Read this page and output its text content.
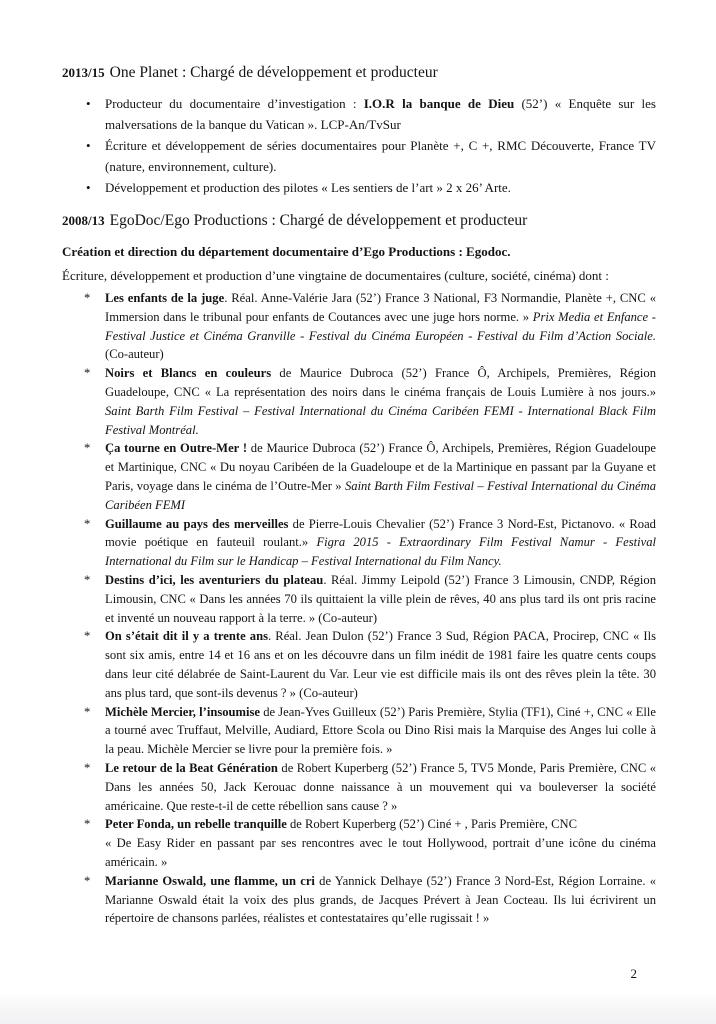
2013/15 One Planet : Chargé de développement et producteur
• Producteur du documentaire d’investigation : I.O.R la banque de Dieu (52’) « Enquête sur les malversations de la banque du Vatican ». LCP-An/TvSur
• Écriture et développement de séries documentaires pour Planète +, C +, RMC Découverte, France TV (nature, environnement, culture).
• Développement et production des pilotes « Les sentiers de l’art » 2 x 26’ Arte.
2008/13 EgoDoc/Ego Productions : Chargé de développement et producteur

Création et direction du département documentaire d’Ego Productions : Egodoc.

Écriture, développement et production d’une vingtaine de documentaires (culture, société, cinéma) dont :

* Les enfants de la juge. Réal. Anne-Valérie Jara (52’) France 3 National, F3 Normandie, Planète +, CNC « Immersion dans le tribunal pour enfants de Coutances avec une juge hors norme. » Prix Media et Enfance - Festival Justice et Cinéma Granville - Festival du Cinéma Européen - Festival du Film d’Action Sociale. (Co-auteur)
* Noirs et Blancs en couleurs de Maurice Dubroca (52’) France Ô, Archipels, Premières, Région Guadeloupe, CNC « La représentation des noirs dans le cinéma français de Louis Lumière à nos jours.» Saint Barth Film Festival – Festival International du Cinéma Caribéen FEMI - International Black Film Festival Montréal.
* Ça tourne en Outre-Mer ! de Maurice Dubroca (52’) France Ô, Archipels, Premières, Région Guadeloupe et Martinique, CNC « Du noyau Caribéen de la Guadeloupe et de la Martinique en passant par la Guyane et Paris, voyage dans le cinéma de l’Outre-Mer » Saint Barth Film Festival – Festival International du Cinéma Caribéen FEMI
* Guillaume au pays des merveilles de Pierre-Louis Chevalier (52’) France 3 Nord-Est, Pictanovo. « Road movie poétique en fauteuil roulant.» Figra 2015 - Extraordinary Film Festival Namur - Festival International du Film sur le Handicap – Festival International du Film Nancy.
* Destins d’ici, les aventuriers du plateau. Réal. Jimmy Leipold (52’) France 3 Limousin, CNDP, Région Limousin, CNC « Dans les années 70 ils quittaient la ville plein de rêves, 40 ans plus tard ils ont pris racine et inventé un nouveau rapport à la terre. » (Co-auteur)
* On s’était dit il y a trente ans. Réal. Jean Dulon (52’) France 3 Sud, Région PACA, Procirep, CNC « Ils sont six amis, entre 14 et 16 ans et on les découvre dans un film inédit de 1981 faire les quatre cents coups dans leur cité délabrée de Saint-Laurent du Var. Leur vie est difficile mais ils ont des rêves plein la tête. 30 ans plus tard, que sont-ils devenus ? » (Co-auteur)
* Michèle Mercier, l’insoumise de Jean-Yves Guilleux (52’) Paris Première, Stylia (TF1), Ciné +, CNC « Elle a tourné avec Truffaut, Melville, Audiard, Ettore Scola ou Dino Risi mais la Marquise des Anges lui colle à la peau. Michèle Mercier se livre pour la première fois. »
* Le retour de la Beat Génération de Robert Kuperberg (52’) France 5, TV5 Monde, Paris Première, CNC « Dans les années 50, Jack Kerouac donne naissance à un mouvement qui va bouleverser la société américaine. Que reste-t-il de cette rébellion sans cause ? »
* Peter Fonda, un rebelle tranquille de Robert Kuperberg (52’) Ciné + , Paris Première, CNC
« De Easy Rider en passant par ses rencontres avec le tout Hollywood, portrait d’une icône du cinéma américain. »
* Marianne Oswald, une flamme, un cri de Yannick Delhaye (52’) France 3 Nord-Est, Région Lorraine. « Marianne Oswald était la voix des plus grands, de Jacques Prévert à Jean Cocteau. Ils lui écrivirent un répertoire de chansons parlées, réalistes et contestataires qu’elle rugissait ! »
2
